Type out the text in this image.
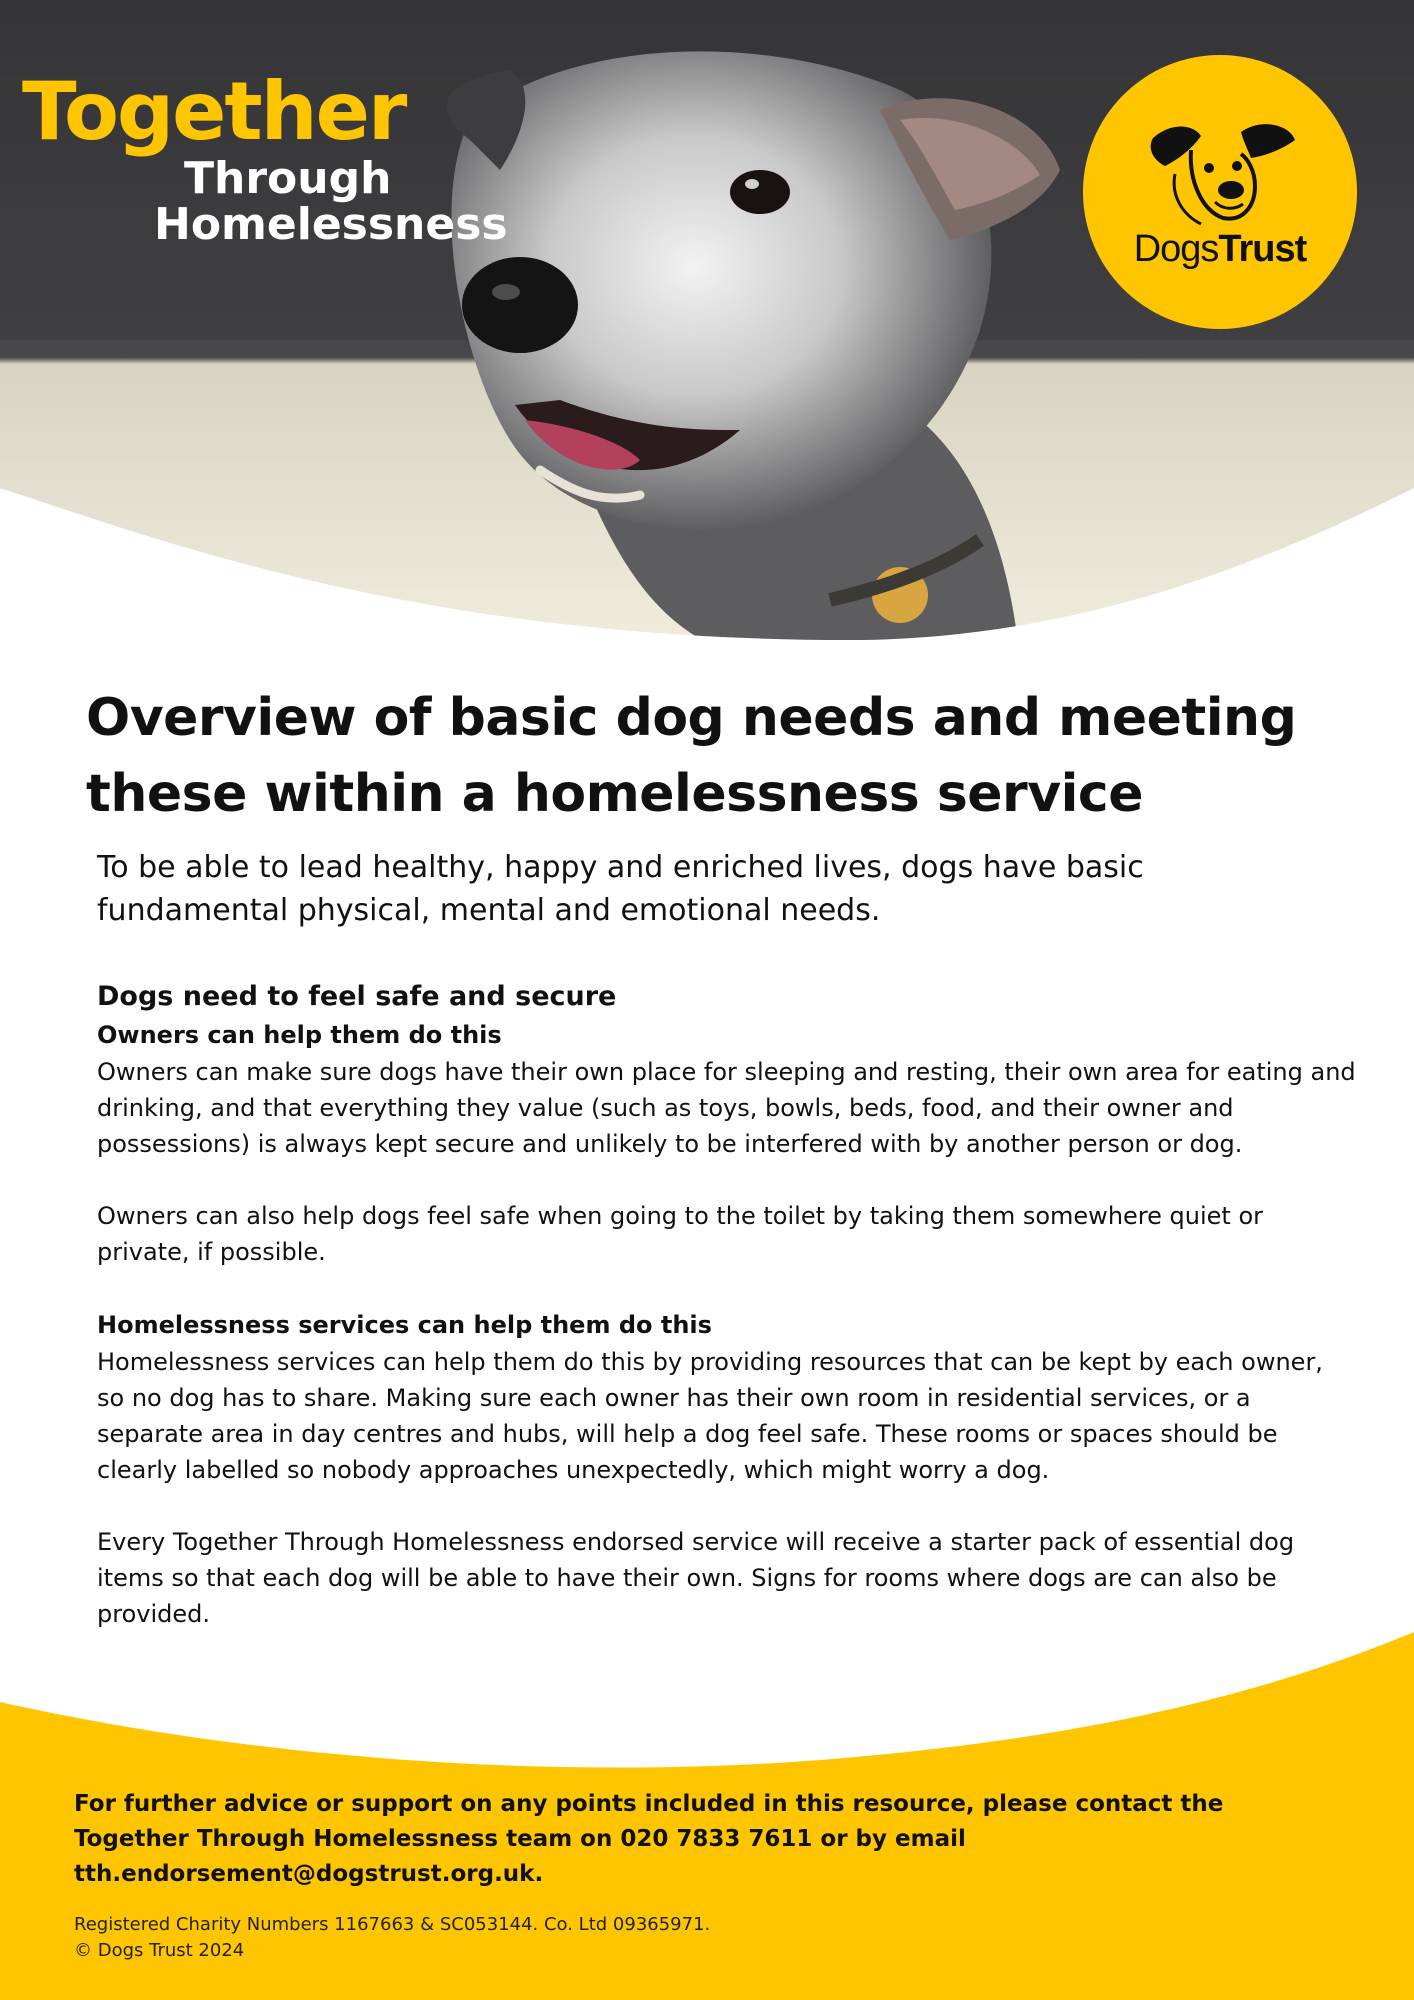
Together
Through
Homelessness	DogsTrust
Overview of basic dog needs and meeting these within a homelessness service

To be able to lead healthy, happy and enriched lives, dogs have basic fundamental physical, mental and emotional needs.

Dogs need to feel safe and secure

Owners can help them do this

Owners can make sure dogs have their own place for sleeping and resting, their own area for eating and drinking, and that everything they value (such as toys, bowls, beds, food, and their owner and possessions) is always kept secure and unlikely to be interfered with by another person or dog.

Owners can also help dogs feel safe when going to the toilet by taking them somewhere quiet or private, if possible.

Homelessness services can help them do this

Homelessness services can help them do this by providing resources that can be kept by each owner, so no dog has to share. Making sure each owner has their own room in residential services, or a separate area in day centres and hubs, will help a dog feel safe. These rooms or spaces should be clearly labelled so nobody approaches unexpectedly, which might worry a dog.

Every Together Through Homelessness endorsed service will receive a starter pack of essential dog items so that each dog will be able to have their own. Signs for rooms where dogs are can also be provided.

For further advice or support on any points included in this resource, please contact the Together Through Homelessness team on 020 7833 7611 or by email tth.endorsement@dogstrust.org.uk.

Registered Charity Numbers 1167663 & SC053144. Co. Ltd 09365971.
© Dogs Trust 2024
